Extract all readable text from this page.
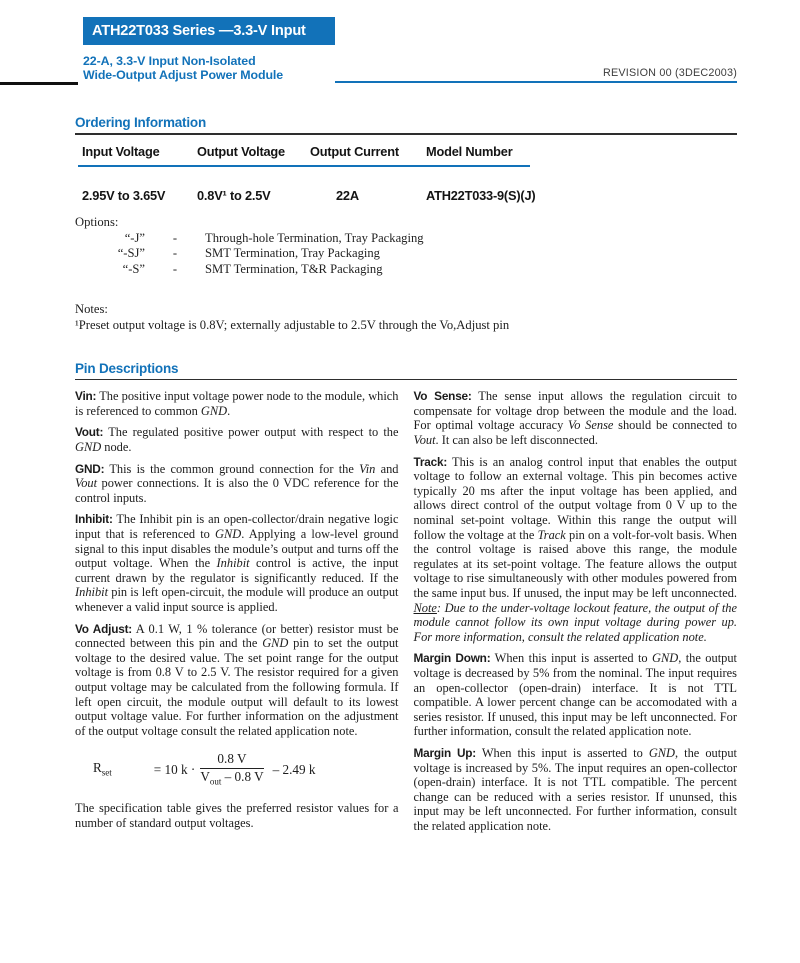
ATH22T033 Series —3.3-V Input
22-A, 3.3-V Input Non-Isolated
Wide-Output Adjust Power Module	REVISION 00 (3DEC2003)
Ordering Information
Input Voltage	Output Voltage	Output Current	Model Number
2.95V to 3.65V	0.8V¹ to 2.5V	22A	ATH22T033-9(S)(J)
Options:
“-J”	-	Through-hole Termination, Tray Packaging
“-SJ”	-	SMT Termination, Tray Packaging
“-S”	-	SMT Termination, T&R Packaging
Notes:
¹Preset output voltage is 0.8V; externally adjustable to 2.5V through the Vo,Adjust pin
Pin Descriptions
Vin: The positive input voltage power node to the module, which is referenced to common GND.
Vout: The regulated positive power output with respect to the GND node.
GND: This is the common ground connection for the Vin and Vout power connections. It is also the 0 VDC reference for the control inputs.
Inhibit: The Inhibit pin is an open-collector/drain negative logic input that is referenced to GND. Applying a low-level ground signal to this input disables the module’s output and turns off the output voltage. When the Inhibit control is active, the input current drawn by the regulator is significantly reduced. If the Inhibit pin is left open-circuit, the module will produce an output whenever a valid input source is applied.
Vo Adjust: A 0.1 W, 1 % tolerance (or better) resistor must be connected between this pin and the GND pin to set the output voltage to the desired value. The set point range for the output voltage is from 0.8 V to 2.5 V. The resistor required for a given output voltage may be calculated from the following formula. If left open circuit, the module output will default to its lowest output voltage value. For further information on the adjustment of the output voltage consult the related application note.
$R_{set}$	= 10 $k \cdot \frac{0.8 V}{V_{out} - 0.8 V} - 2.49$ k
The specification table gives the preferred resistor values for a number of standard output voltages.
Vo Sense: The sense input allows the regulation circuit to compensate for voltage drop between the module and the load. For optimal voltage accuracy Vo Sense should be connected to Vout. It can also be left disconnected.
Track: This is an analog control input that enables the output voltage to follow an external voltage. This pin becomes active typically 20 ms after the input voltage has been applied, and allows direct control of the output voltage from 0 V up to the nominal set-point voltage. Within this range the output will follow the voltage at the Track pin on a volt-for-volt basis. When the control voltage is raised above this range, the module regulates at its set-point voltage. The feature allows the output voltage to rise simultaneously with other modules powered from the same input bus. If unused, the input may be left unconnected. Note: Due to the under-voltage lockout feature, the output of the module cannot follow its own input voltage during power up. For more information, consult the related application note.
Margin Down: When this input is asserted to GND, the output voltage is decreased by 5% from the nominal. The input requires an open-collector (open-drain) interface. It is not TTL compatible. A lower percent change can be accomodated with a series resistor. If unused, this input may be left unconnected. For further information, consult the related application note.
Margin Up: When this input is asserted to GND, the output voltage is increased by 5%. The input requires an open-collector (open-drain) interface. It is not TTL compatible. The percent change can be reduced with a series resistor. If ununsed, this input may be left unconnected. For further information, consult the related application note.
